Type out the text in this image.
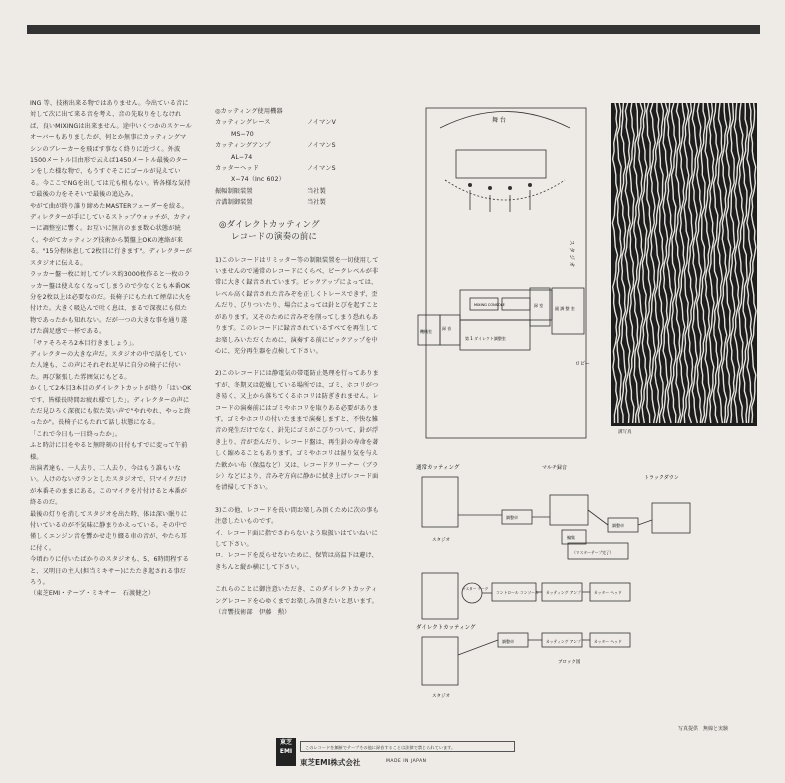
ING 等、技術出来る物ではありません。今出ている音に対して次に出て来る音を考え、音の先取りをしなければ、良いMIXINGは出来ません。途中いくつかのスケールオーバーもありましたが、何とか無事にカッティングマシンのブレーカーを飛ばす事なく終りに近づく。外波1500メートル目由形で云えば1450メートル最後のターンをした様な物で、もうすぐそこにゴールが見えている。今ここでNGを出しては元も根もない。皆各様な気持で最後の力をそそいで最後の追込み。

やがて曲が終り誰り締めたMASTERフェーダーを絞る。ディレクターが手にしているストップウォッチが、カティーに調整室に響く。お互いに無言のまま数心状態が続く。やがてカッティング技術から製盤上OKの連絡が来る。"15分程休息して2枚目に行きます"。ディレクターがスタジオに伝える。

ラッカー盤一枚に対してプレス約3000枚作ると一枚のラッカー盤は使えなくなってしまうので少なくとも本番OK分を2枚以上は必要なのだ。長椅子にもたれて煙草に火を付けた。大きく吸込んで吐く息は、まるで深夜にも似た物であったかも知れない。だが一つの大きな事を通り遂げた満足感で一杯である。

「サァそろそろ2本目行きましょう」。

ディレクターの大きな声だ。スタジオの中で話をしていた人達も、この声にそれぞれ足早に自分の椅子に付いた。再び緊張した雰囲気にもどる。

かくして2本目3本目のダイレクトカットが終り「はいOKです、皆様長時間お疲れ様でした」。ディレクターの声にただ見ひろく深夜にも似た笑い声で"やれやれ、やっと終ったか"。長椅子にもたれて話し状態になる。

「これで今日も一日終ったか」。

ふと時計に目をやると無時刻の日付もすでに変って午前様。

出演者達も、一人去り、二人去り、今はもう誰もいない。人けのないガランとしたスタジオで、只マイクだけが本番そのままにある。このマイクを片付けると本番が終るのだ。

最後の灯りを消してスタジオを出た時、体は深い眠りに付いているのが不気味に静まりかえっている。その中で僅しくエンジン音を響かせ走り綴る車の音が、やたら耳に付く。

今頃わりに付いたばかりのスタジオも、5、6時間程すると、又明日の主人(担当ミキサー)にたたき起される事だろう。

（東芝EMI・テーブ・ミキサー　石渡健之）

◎カッティング使用機器

カッティングレース	ノイマンV
MS−70
カッティングアンプ	ノイマンS
AL−74
カッターヘッド	ノイマンS
X−74（Inc 602）
振幅制限装置	当社製
音溝制御装置	当社製
◎ダイレクトカッティング
レコードの演奏の前に

1)このレコードはリミッター等の制限装置を一切使用していませんので通常のレコードにくらべ、ピークレベルが非常に大きく録音されています。ピックアップによっては、レベル高く録音された音みぞを正しくトレースできず、歪んだり、びりついたり、場合によっては針とびを起すことがあります。又そのために音みぞを削ってしまう恐れもあります。このレコードに録音されているすべてを再生してお楽しみいただくために、演奏する前にピックアップを中心に、充分再生器を点検して下さい。

2)このレコードには静電気の帯電防止処理を行ってありますが、冬期又は乾燥している場所では、ゴミ、ホコリがつき易く、又上から落ちてくるホコリは防ぎきれません。レコードの演奏前にはゴミやホコリを取りある必要があります。ゴミやホコリの付いたままで演奏しますと、不快な雑音の発生だけでなく、針先にゴミがこびりついて、針が浮き上り、音が歪んだり、レコード盤は、再生針の寿命を著しく縮めることもあります。ゴミやホコリは湿り気を与えた軟かい布（保温など）又は、レコードクリーナー（ブラシ）などにより、音みぞ方向に静かに拭き上げレコード面を清掃して下さい。

3)この他、レコードを長い間お楽しみ頂くために次の事も注意したいものです。

イ．レコード面に指でさわらないよう取扱いはていねいにして下さい。

ロ．レコードを反らせないために、保管は高温下は避け、きちんと縦か横にして下さい。

これらのことに御注意いただき、このダイレクトカッティングレコードを心ゆくまでお楽しみ頂きたいと思います。（音響技術部　伊藤　勲）

舞 台
ス タ ジ オ
MIXING CONSOLE
第 1 ダイレクト調整室
機械室
録 音
録 室
副 調 整 室
ロビー
溝写真
通常カッティング	マルチ録音
トラックダウン
スタジオ
調整卓
編集
調整卓
（マスターテープ完了）
マスター テープ
コントロール コンソール カッティング アンプ	カッター ヘッド
ダイレクトカッティング
調整卓	カッティング アンプ	カッター ヘッド
スタジオ
ブロック図
写真提供　無線と実験
東芝
EMI
このレコードを無断でテープその他に録音することは法律で禁じられています。
東芝EMI株式会社	MADE IN JAPAN
